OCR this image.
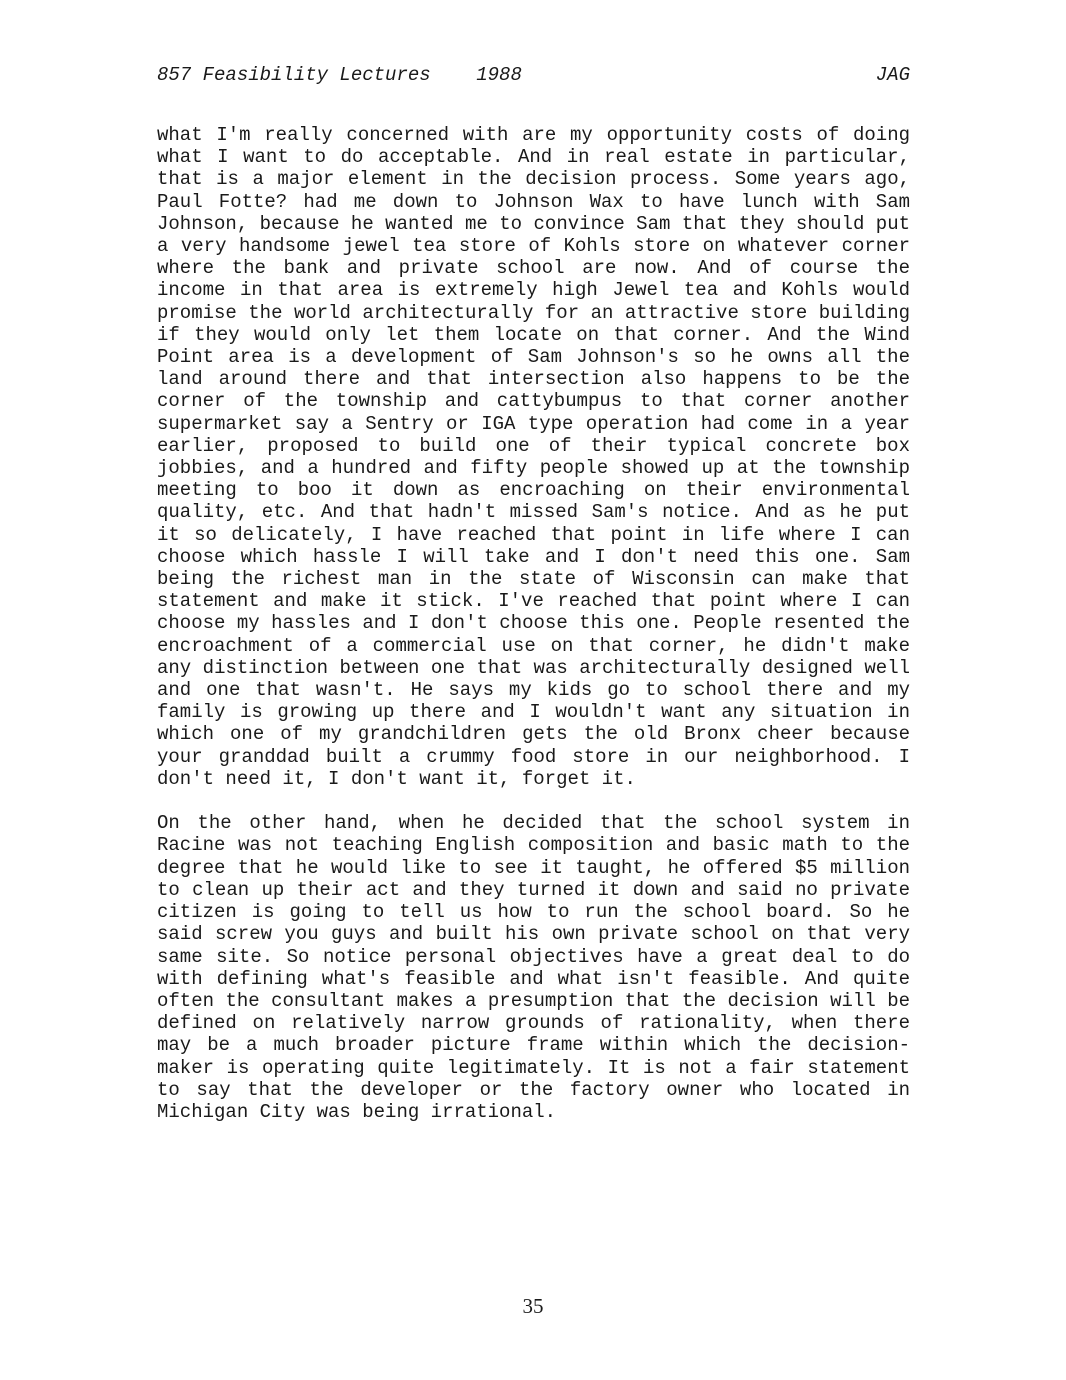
857 Feasibility Lectures    1988	JAG

what I'm really concerned with are my opportunity costs of doing what I want to do acceptable. And in real estate in particular, that is a major element in the decision process. Some years ago, Paul Fotte? had me down to Johnson Wax to have lunch with Sam Johnson, because he wanted me to convince Sam that they should put a very handsome jewel tea store of Kohls store on whatever corner where the bank and private school are now. And of course the income in that area is extremely high Jewel tea and Kohls would promise the world architecturally for an attractive store building if they would only let them locate on that corner. And the Wind Point area is a development of Sam Johnson's so he owns all the land around there and that intersection also happens to be the corner of the township and cattybumpus to that corner another supermarket say a Sentry or IGA type operation had come in a year earlier, proposed to build one of their typical concrete box jobbies, and a hundred and fifty people showed up at the township meeting to boo it down as encroaching on their environmental quality, etc. And that hadn't missed Sam's notice. And as he put it so delicately, I have reached that point in life where I can choose which hassle I will take and I don't need this one. Sam being the richest man in the state of Wisconsin can make that statement and make it stick. I've reached that point where I can choose my hassles and I don't choose this one. People resented the encroachment of a commercial use on that corner, he didn't make any distinction between one that was architecturally designed well and one that wasn't. He says my kids go to school there and my family is growing up there and I wouldn't want any situation in which one of my grandchildren gets the old Bronx cheer because your granddad built a crummy food store in our neighborhood. I don't need it, I don't want it, forget it.

On the other hand, when he decided that the school system in Racine was not teaching English composition and basic math to the degree that he would like to see it taught, he offered $5 million to clean up their act and they turned it down and said no private citizen is going to tell us how to run the school board. So he said screw you guys and built his own private school on that very same site. So notice personal objectives have a great deal to do with defining what's feasible and what isn't feasible. And quite often the consultant makes a presumption that the decision will be defined on relatively narrow grounds of rationality, when there may be a much broader picture frame within which the decision-maker is operating quite legitimately. It is not a fair statement to say that the developer or the factory owner who located in Michigan City was being irrational.

35
